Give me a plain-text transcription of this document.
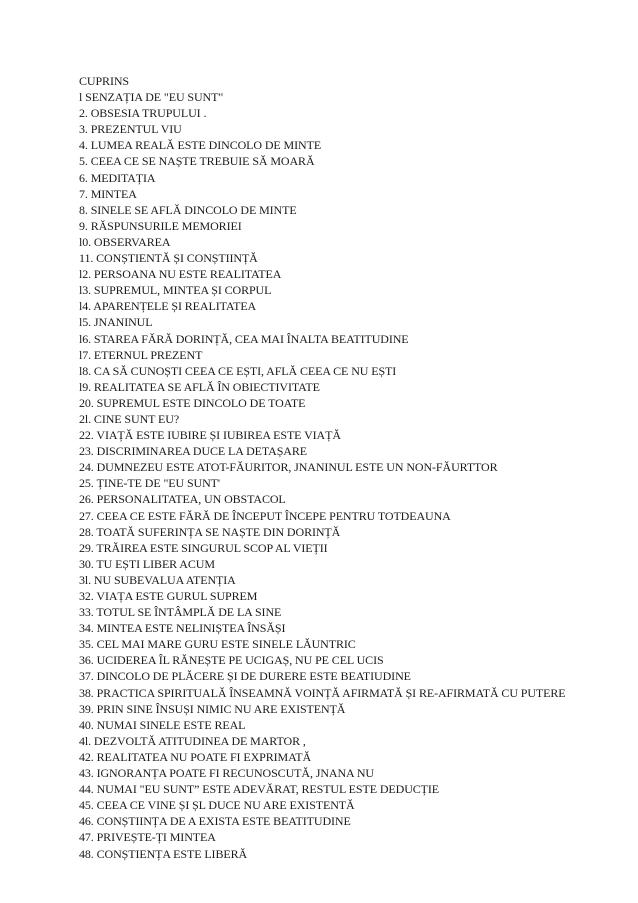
CUPRINS
l SENZAȚIA DE "EU SUNT"
2. OBSESIA TRUPULUI .
3. PREZENTUL VIU
4. LUMEA REALĂ ESTE DINCOLO DE MINTE
5. CEEA CE SE NAȘTE TREBUIE SĂ MOARĂ
6. MEDITAȚIA
7. MINTEA
8. SINELE SE AFLĂ DINCOLO DE MINTE
9. RĂSPUNSURILE MEMORIEI
l0. OBSERVAREA
11. CONȘTIENTĂ ȘI CONȘTIINȚĂ
l2. PERSOANA NU ESTE REALITATEA
l3. SUPREMUL, MINTEA ȘI CORPUL
l4. APARENȚELE ȘI REALITATEA
l5. JNANINUL
l6. STAREA FĂRĂ DORINȚĂ, CEA MAI ÎNALTA BEATITUDINE
l7. ETERNUL PREZENT
l8. CA SĂ CUNOȘTI CEEA CE EȘTI, AFLĂ CEEA CE NU EȘTI
l9. REALITATEA SE AFLĂ ÎN OBIECTIVITATE
20. SUPREMUL ESTE DINCOLO DE TOATE
2l. CINE SUNT EU?
22. VIAȚĂ ESTE IUBIRE ȘI IUBIREA ESTE VIAȚĂ
23. DISCRIMINAREA DUCE LA DETAȘARE
24. DUMNEZEU ESTE ATOT-FĂURITOR, JNANINUL ESTE UN NON-FĂURTTOR
25. ȚINE-TE DE "EU SUNT'
26. PERSONALITATEA, UN OBSTACOL
27. CEEA CE ESTE FĂRĂ DE ÎNCEPUT ÎNCEPE PENTRU TOTDEAUNA
28. TOATĂ SUFERINȚA SE NAȘTE DIN DORINȚĂ
29. TRĂIREA ESTE SINGURUL SCOP AL VIEȚII
30. TU EȘTI LIBER ACUM
3l. NU SUBEVALUA ATENȚIA
32. VIAȚA ESTE GURUL SUPREM
33. TOTUL SE ÎNTÂMPLĂ DE LA SINE
34. MINTEA ESTE NELINIȘTEA ÎNSĂȘI
35. CEL MAI MARE GURU ESTE SINELE LĂUNTRIC
36. UCIDEREA ÎL RĂNEȘTE PE UCIGAȘ, NU PE CEL UCIS
37. DINCOLO DE PLĂCERE ȘI DE DURERE ESTE BEATIUDINE
38. PRACTICA SPIRITUALĂ ÎNSEAMNĂ VOINȚĂ AFIRMATĂ ȘI RE-AFIRMATĂ CU PUTERE
39. PRIN SINE ÎNSUȘI NIMIC NU ARE EXISTENȚĂ
40. NUMAI SINELE ESTE REAL
4l. DEZVOLTĂ ATITUDINEA DE MARTOR ,
42. REALITATEA NU POATE FI EXPRIMATĂ
43. IGNORANȚA POATE FI RECUNOSCUTĂ, JNANA NU
44. NUMAI "EU SUNT” ESTE ADEVĂRAT, RESTUL ESTE DEDUCȚIE
45. CEEA CE VINE ȘI ȘL DUCE NU ARE EXISTENTĂ
46. CONȘTIINȚA DE A EXISTA ESTE BEATITUDINE
47. PRIVEȘTE-ȚI MINTEA
48. CONȘTIENȚA ESTE LIBERĂ
